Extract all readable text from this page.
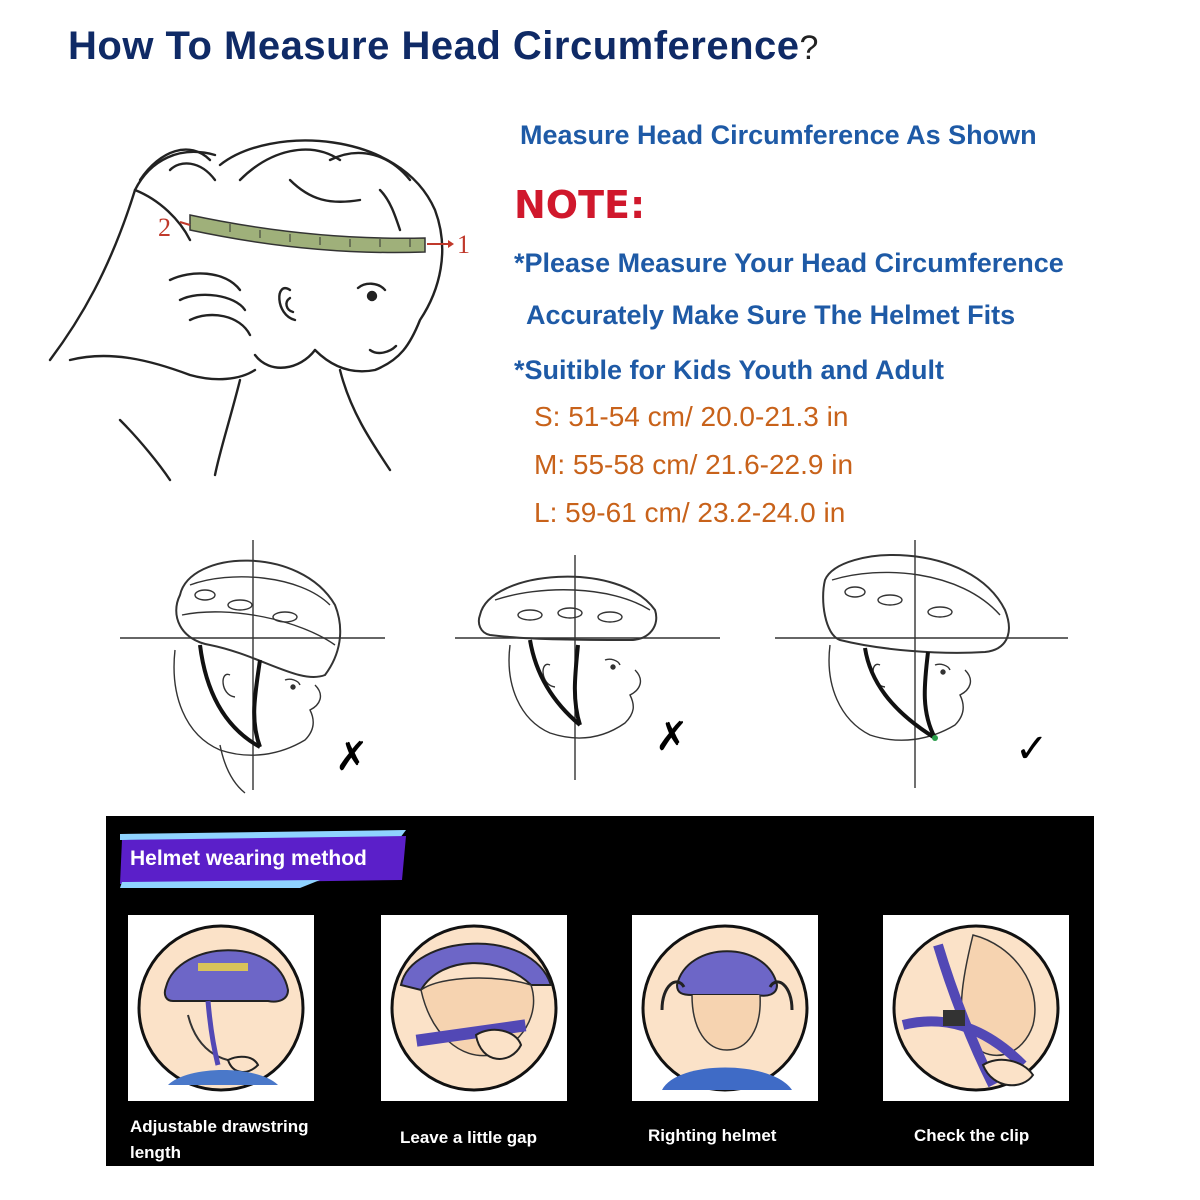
How To Measure Head Circumference?
2
1
Measure Head Circumference As Shown
NOTE:
*Please Measure Your Head Circumference
Accurately Make Sure The Helmet Fits
*Suitible for Kids Youth and Adult
S: 51-54 cm/ 20.0-21.3 in
M: 55-58 cm/ 21.6-22.9 in
L: 59-61 cm/ 23.2-24.0 in
✗	✗	✓
Helmet wearing method
Adjustable drawstring
length
Leave a little gap	Righting helmet	Check the clip
